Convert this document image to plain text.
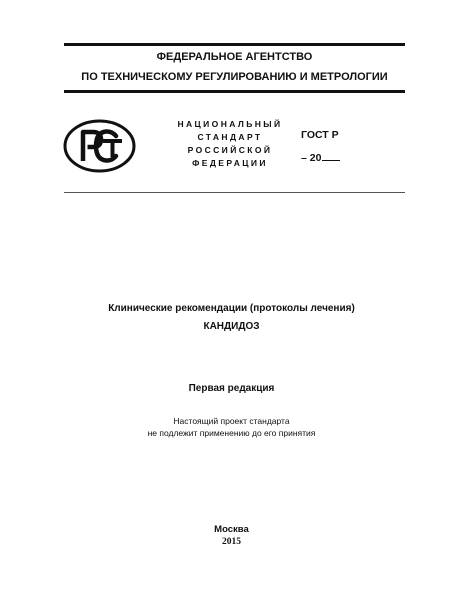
ФЕДЕРАЛЬНОЕ АГЕНТСТВО
ПО ТЕХНИЧЕСКОМУ РЕГУЛИРОВАНИЮ И МЕТРОЛОГИИ
НАЦИОНАЛЬНЫЙ
СТАНДАРТ
РОССИЙСКОЙ
ФЕДЕРАЦИИ
ГОСТ Р
– 20
Клинические рекомендации (протоколы лечения)
КАНДИДОЗ
Первая редакция
Настоящий проект стандарта
не подлежит применению до его принятия
Москва
2015
